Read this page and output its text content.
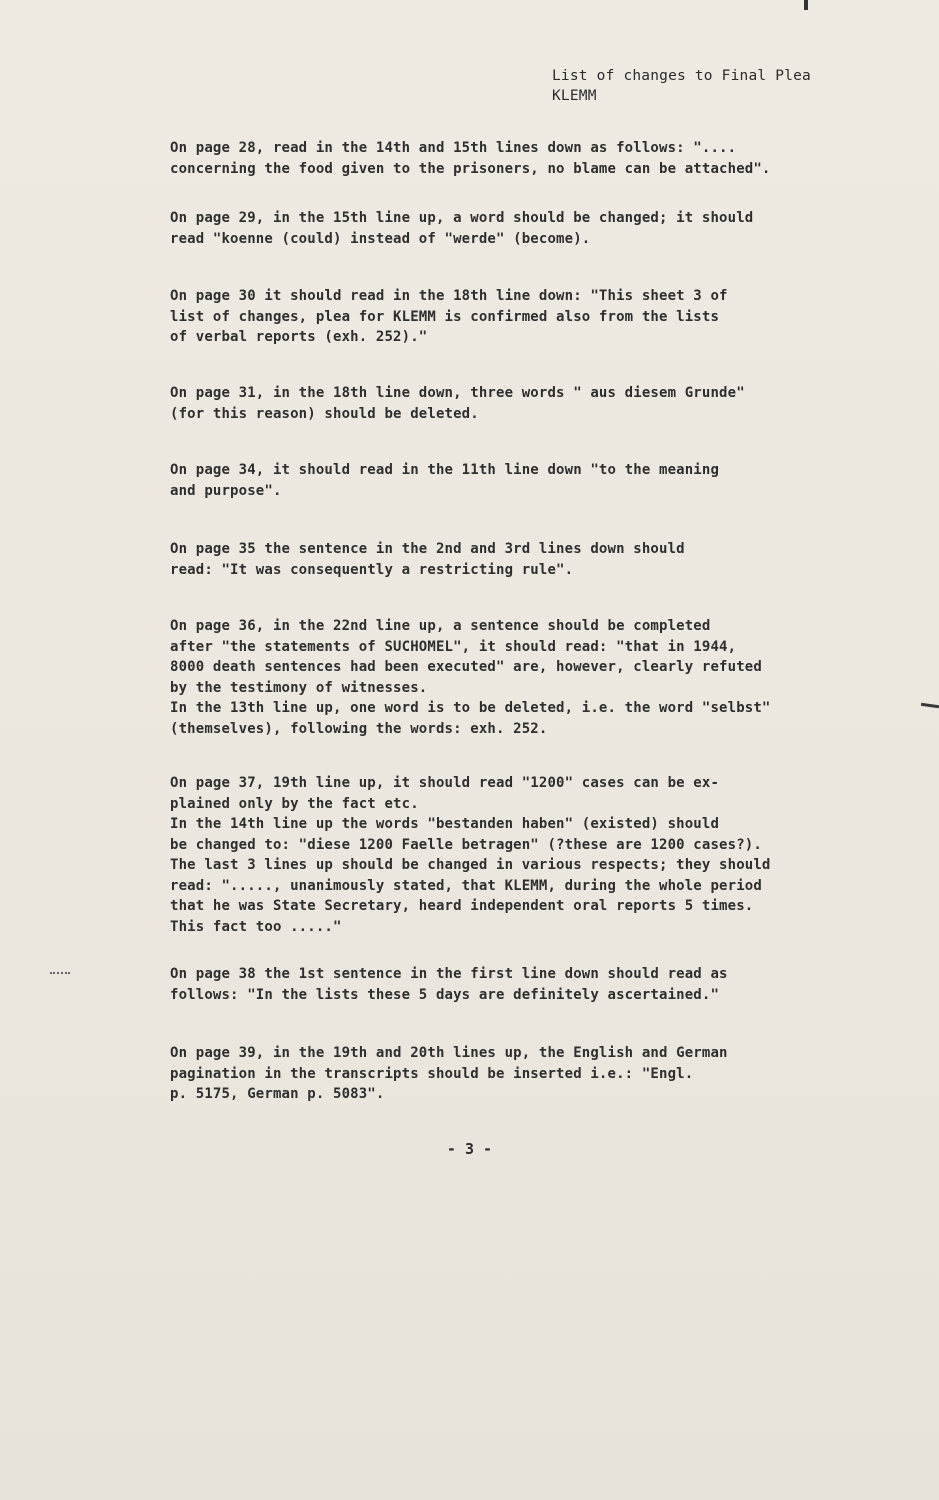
List of changes to Final Plea
KLEMM
On page 28, read in the 14th and 15th lines down as follows: "....
concerning the food given to the prisoners, no blame can be attached".
On page 29, in the 15th line up, a word should be changed; it should
read "koenne (could) instead of "werde" (become).
On page 30 it should read in the 18th line down: "This sheet 3 of
list of changes, plea for KLEMM is confirmed also from the lists
of verbal reports (exh. 252)."
On page 31, in the 18th line down, three words " aus diesem Grunde"
(for this reason) should be deleted.
On page 34, it should read in the 11th line down "to the meaning
and purpose".
On page 35 the sentence in the 2nd and 3rd lines down should
read: "It was consequently a restricting rule".
On page 36, in the 22nd line up, a sentence should be completed
after "the statements of SUCHOMEL", it should read: "that in 1944,
8000 death sentences had been executed" are, however, clearly refuted
by the testimony of witnesses.
In the 13th line up, one word is to be deleted, i.e. the word "selbst"
(themselves), following the words: exh. 252.
On page 37, 19th line up, it should read "1200" cases can be ex-
plained only by the fact etc.
In the 14th line up the words "bestanden haben" (existed) should
be changed to: "diese 1200 Faelle betragen" (?these are 1200 cases?).
The last 3 lines up should be changed in various respects; they should
read: "....., unanimously stated, that KLEMM, during the whole period
that he was State Secretary, heard independent oral reports 5 times.
This fact too ....."
On page 38 the 1st sentence in the first line down should read as
follows: "In the lists these 5 days are definitely ascertained."
On page 39, in the 19th and 20th lines up, the English and German
pagination in the transcripts should be inserted i.e.: "Engl.
p. 5175, German p. 5083".
- 3 -
